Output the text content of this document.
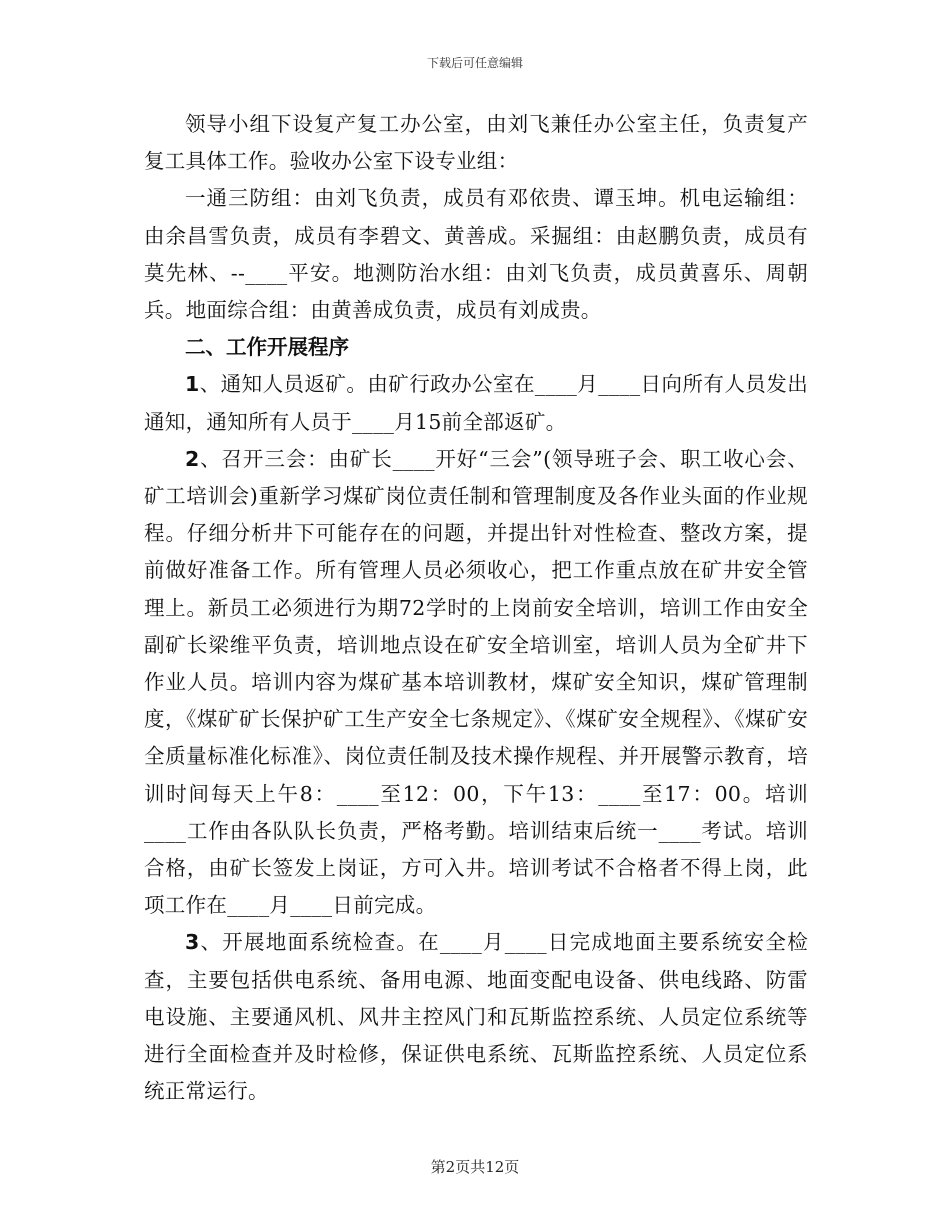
下载后可任意编辑

领导小组下设复产复工办公室，由刘飞兼任办公室主任，负责复产复工具体工作。验收办公室下设专业组：

一通三防组：由刘飞负责，成员有邓依贵、谭玉坤。机电运输组：由余昌雪负责，成员有李碧文、黄善成。采掘组：由赵鹏负责，成员有莫先林、--____平安。地测防治水组：由刘飞负责，成员黄喜乐、周朝兵。地面综合组：由黄善成负责，成员有刘成贵。

二、工作开展程序

1、通知人员返矿。由矿行政办公室在____月____日向所有人员发出通知，通知所有人员于____月15前全部返矿。

2、召开三会：由矿长____开好“三会”(领导班子会、职工收心会、矿工培训会)重新学习煤矿岗位责任制和管理制度及各作业头面的作业规程。仔细分析井下可能存在的问题，并提出针对性检查、整改方案，提前做好准备工作。所有管理人员必须收心，把工作重点放在矿井安全管理上。新员工必须进行为期72学时的上岗前安全培训，培训工作由安全副矿长梁维平负责，培训地点设在矿安全培训室，培训人员为全矿井下作业人员。培训内容为煤矿基本培训教材，煤矿安全知识，煤矿管理制度，《煤矿矿长保护矿工生产安全七条规定》、《煤矿安全规程》、《煤矿安全质量标准化标准》、岗位责任制及技术操作规程、并开展警示教育，培训时间每天上午8：____至12：00，下午13：____至17：00。培训____工作由各队队长负责，严格考勤。培训结束后统一____考试。培训合格，由矿长签发上岗证，方可入井。培训考试不合格者不得上岗，此项工作在____月____日前完成。

3、开展地面系统检查。在____月____日完成地面主要系统安全检查，主要包括供电系统、备用电源、地面变配电设备、供电线路、防雷电设施、主要通风机、风井主控风门和瓦斯监控系统、人员定位系统等进行全面检查并及时检修，保证供电系统、瓦斯监控系统、人员定位系统正常运行。

第2页共12页
